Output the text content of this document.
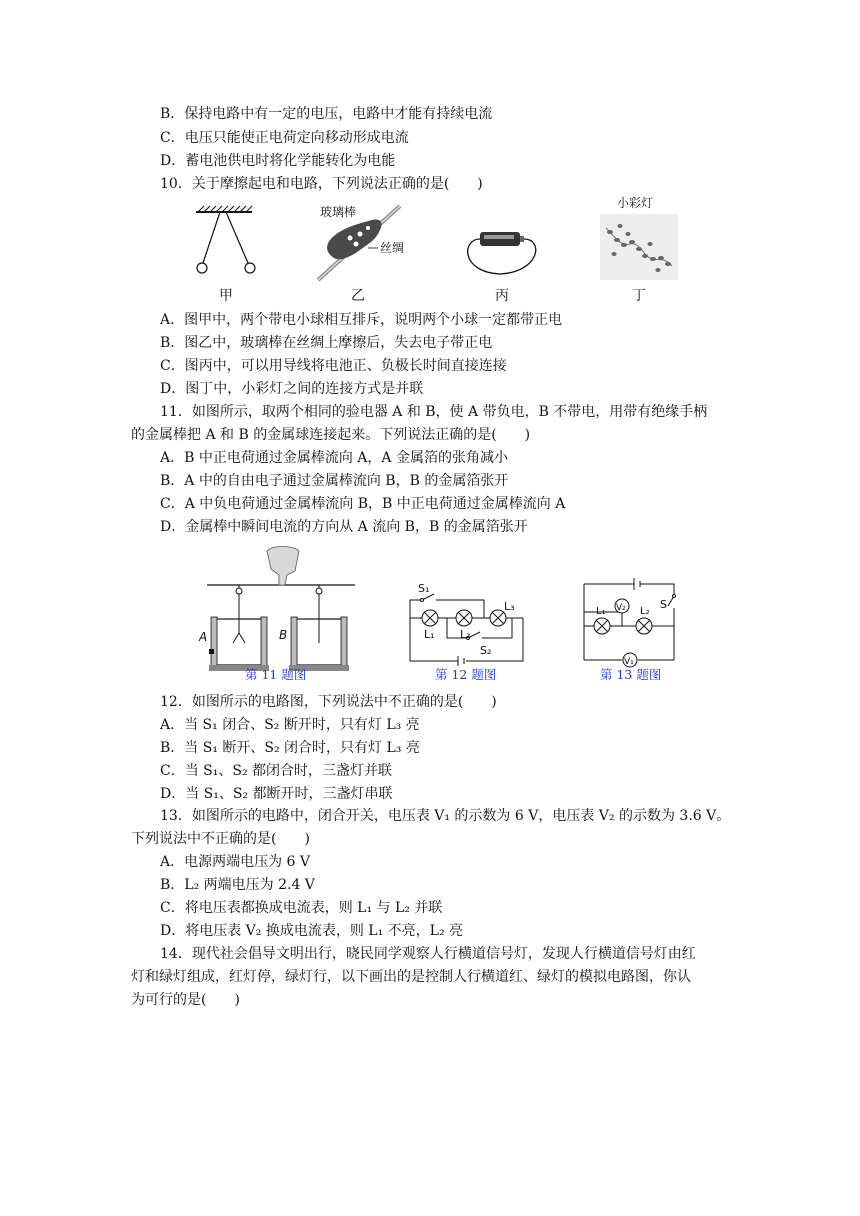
B．保持电路中有一定的电压，电路中才能有持续电流
C．电压只能使正电荷定向移动形成电流
D．蓄电池供电时将化学能转化为电能
10．关于摩擦起电和电路，下列说法正确的是(　　)
玻璃棒
丝绸
小彩灯
甲	乙	丙	丁
A．图甲中，两个带电小球相互排斥，说明两个小球一定都带正电
B．图乙中，玻璃棒在丝绸上摩擦后，失去电子带正电
C．图丙中，可以用导线将电池正、负极长时间直接连接
D．图丁中，小彩灯之间的连接方式是并联
11．如图所示，取两个相同的验电器 A 和 B，使 A 带负电，B 不带电，用带有绝缘手柄
的金属棒把 A 和 B 的金属球连接起来。下列说法正确的是(　　)
A．B 中正电荷通过金属棒流向 A，A 金属箔的张角减小
B．A 中的自由电子通过金属棒流向 B，B 的金属箔张开
C．A 中负电荷通过金属棒流向 B，B 中正电荷通过金属棒流向 A
D．金属棒中瞬间电流的方向从 A 流向 B，B 的金属箔张开
A	B
第 11 题图
S₁
L₁ L₂
L₃
S₂
第 12 题图
L₁	L₂
S
V₂
V₁
第 13 题图
12．如图所示的电路图，下列说法中不正确的是(　　)
A．当 S₁ 闭合、S₂ 断开时，只有灯 L₃ 亮
B．当 S₁ 断开、S₂ 闭合时，只有灯 L₃ 亮
C．当 S₁、S₂ 都闭合时，三盏灯并联
D．当 S₁、S₂ 都断开时，三盏灯串联
13．如图所示的电路中，闭合开关，电压表 V₁ 的示数为 6 V，电压表 V₂ 的示数为 3.6 V。
下列说法中不正确的是(　　)
A．电源两端电压为 6 V
B．L₂ 两端电压为 2.4 V
C．将电压表都换成电流表，则 L₁ 与 L₂ 并联
D．将电压表 V₂ 换成电流表，则 L₁ 不亮，L₂ 亮
14．现代社会倡导文明出行，晓民同学观察人行横道信号灯，发现人行横道信号灯由红
灯和绿灯组成，红灯停，绿灯行，以下画出的是控制人行横道红、绿灯的模拟电路图，你认
为可行的是(　　)
